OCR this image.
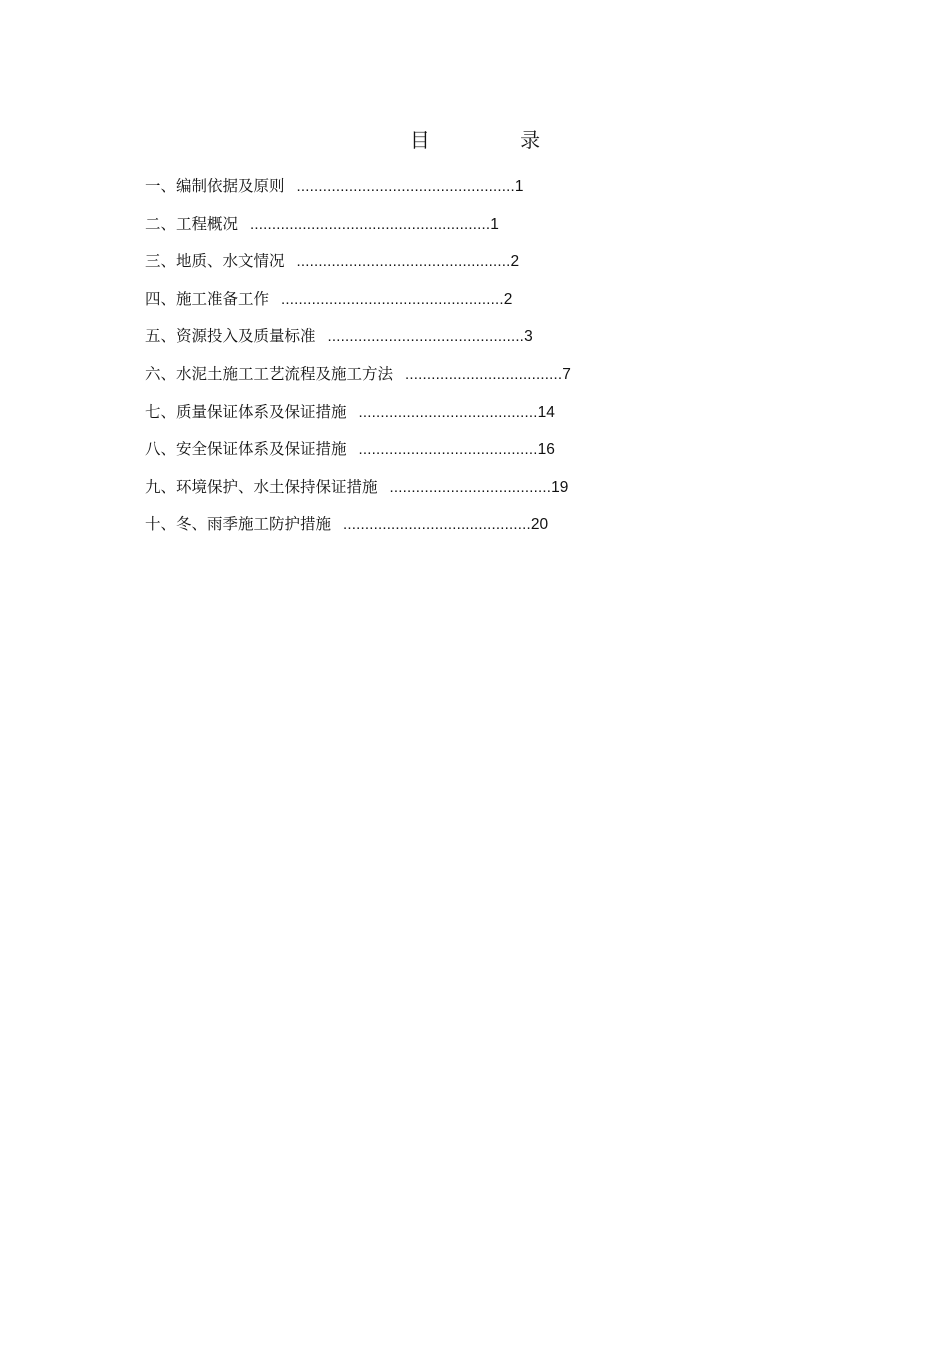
目 录
一、编制依据及原则 .................................................. 1
二、工程概况 ....................................................... 1
三、地质、水文情况 ................................................. 2
四、施工准备工作 ................................................... 2
五、资源投入及质量标准 ............................................. 3
六、水泥土施工工艺流程及施工方法 .................................... 7
七、质量保证体系及保证措施 ......................................... 14
八、安全保证体系及保证措施 ......................................... 16
九、环境保护、水土保持保证措施 ..................................... 19
十、冬、雨季施工防护措施 ........................................... 20
